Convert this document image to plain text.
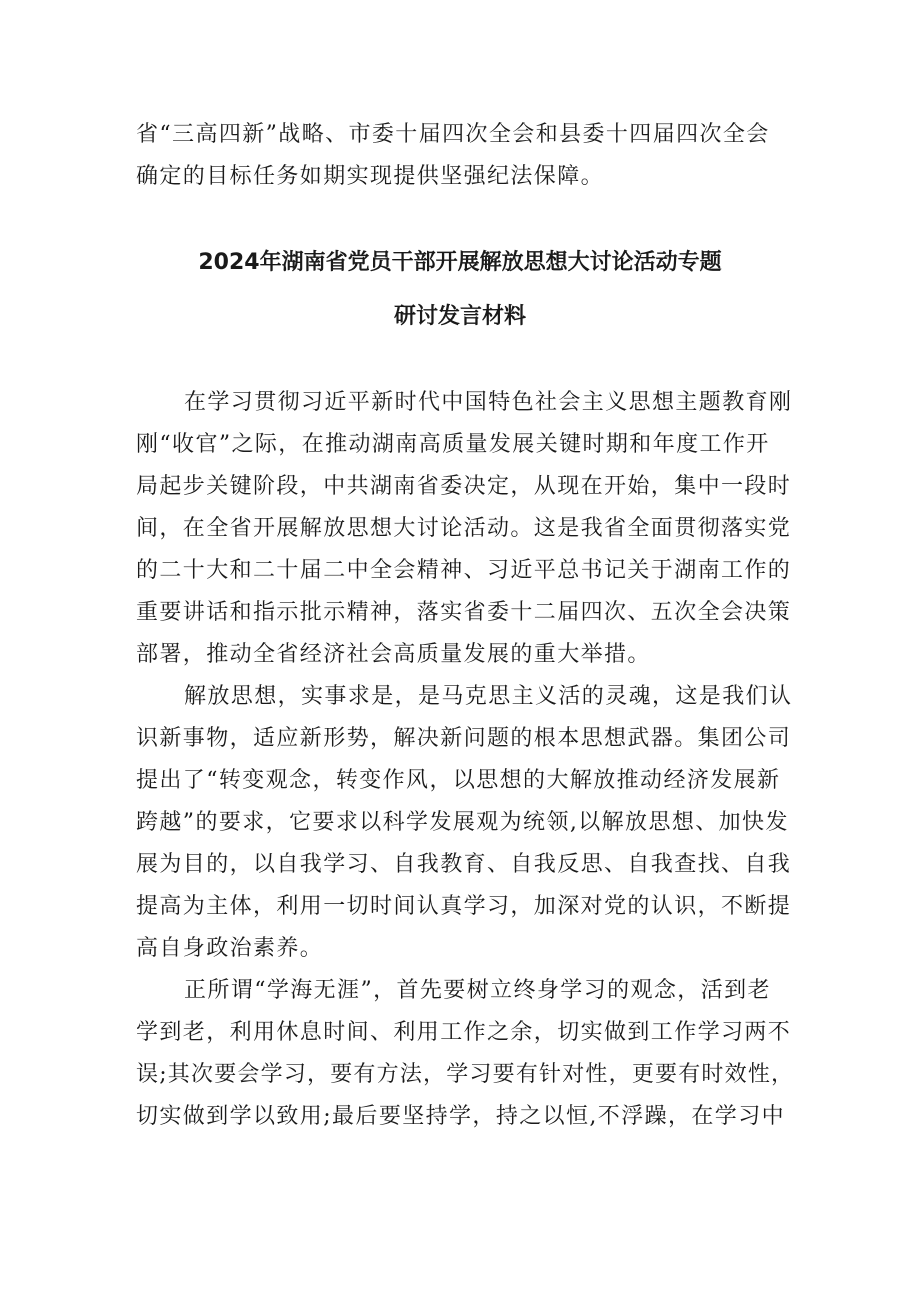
省“三高四新”战略、市委十届四次全会和县委十四届四次全会
确定的目标任务如期实现提供坚强纪法保障。
2024年湖南省党员干部开展解放思想大讨论活动专题
研讨发言材料
在学习贯彻习近平新时代中国特色社会主义思想主题教育刚
刚“收官”之际，在推动湖南高质量发展关键时期和年度工作开
局起步关键阶段，中共湖南省委决定，从现在开始，集中一段时
间，在全省开展解放思想大讨论活动。这是我省全面贯彻落实党
的二十大和二十届二中全会精神、习近平总书记关于湖南工作的
重要讲话和指示批示精神，落实省委十二届四次、五次全会决策
部署，推动全省经济社会高质量发展的重大举措。
解放思想，实事求是，是马克思主义活的灵魂，这是我们认
识新事物，适应新形势，解决新问题的根本思想武器。集团公司
提出了“转变观念，转变作风，以思想的大解放推动经济发展新
跨越”的要求，它要求以科学发展观为统领,以解放思想、加快发
展为目的，以自我学习、自我教育、自我反思、自我查找、自我
提高为主体，利用一切时间认真学习，加深对党的认识，不断提
高自身政治素养。
正所谓“学海无涯”，首先要树立终身学习的观念，活到老
学到老，利用休息时间、利用工作之余，切实做到工作学习两不
误;其次要会学习，要有方法，学习要有针对性，更要有时效性，
切实做到学以致用;最后要坚持学，持之以恒,不浮躁，在学习中
